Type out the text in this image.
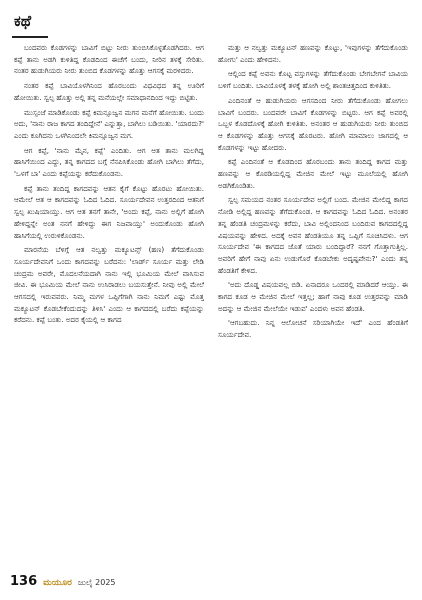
ಕಥೆ

ಬಂದವರು ಕೊಡಗಳನ್ನು ಬಾವಿಗೆ ಬಿಟ್ಟು ನೀರು ತುಂಬಿಸಿಕೊಳ್ಳತೊಡಗಿದರು. ಆಗ ಕಪ್ಪೆ ತಾನು ಅಡಗಿ ಕುಳಿತಿದ್ದ ಕೊಡದಿಂದ ಈಚೆಗೆ ಬಂದು, ನೀರಿನ ತಳಕ್ಕೆ ಸೇರಿತು. ನಂತರ ಹುಡುಗಿಯರು ನೀರು ತುಂಬಿದ ಕೊಡಗಳನ್ನು ಹೊತ್ತು ಆಗಸಕ್ಕೆ ಮರಳಿದರು.

ನಂತರ ಕಪ್ಪೆ ಬಾವಿಯೊಳಗಿನಿಂದ ಹೊರಬಂದು ವಿಧವಿಧದ ತನ್ನ ಊರಿಗೆ ಹೋಯಿತು. ಸ್ವಲ್ಪ ಹೊತ್ತು ಅಲ್ಲಿ ತನ್ನ ಮನೆಯಲ್ಲೇ ಸಮಾಧಾನದಿಂದ ಇದ್ದು ಬಿಟ್ಟಿತು.

ಮುಸ್ಸಂಜೆ ಮಾಡಿಕೊಂಡು ಕಪ್ಪೆ ಕಿಮನ್ಸೂಜ್ವನ ಮಗನ ಮನೆಗೆ ಹೋಯಿತು. ಬಂದು ಅದು, 'ನಾನು ರಾಜ ಕಾಗದ ತಂದಿದ್ದೇನೆ' ಎನ್ನುತ್ತಾ, ಬಾಗಿಲು ಬಡಿಯಿತು. 'ಯಾರದು?' ಎಂದು ಕೂಗಿದನು ಒಳಗಿನಿಂದಲೇ ಕಿಮನ್ಸೂಜ್ವನ ಮಗ.

ಆಗ ಕಪ್ಪೆ, 'ನಾನು ಮೈನ, ಕಪ್ಪೆ' ಎಂದಿತು. ಆಗ ಆತ ತಾನು ಮಲಗಿದ್ದ ಹಾಸಿಗೆಯಿಂದ ಎದ್ದು, ತನ್ನ ಕಾಗದದ ಬಗ್ಗೆ ನೆನಪಿಸಿಕೊಂಡು ಹೋಗಿ ಬಾಗಿಲು ತೆಗೆದು, 'ಒಳಗೆ ಬಾ' ಎಂದು ಕಪ್ಪೆಯನ್ನು ಕರೆದುಕೊಂಡನು.

ಕಪ್ಪೆ ತಾನು ತಂದಿದ್ದ ಕಾಗದವನ್ನು ಆತನ ಕೈಗೆ ಕೊಟ್ಟು ಹೊರಟು ಹೋಯಿತು. ಆಮೇಲೆ ಆತ ಆ ಕಾಗದವನ್ನು ಓದಿದ ಓದಿದ. ಸೂರ್ಯದೇವನ ಉತ್ತರದಿಂದ ಆತನಿಗೆ ಸ್ವಲ್ಪ ಖುಷಿಯಾಯ್ತು. ಆಗ ಆತ ತನಗೆ ತಾನೇ, 'ಅಂದು ಕಪ್ಪೆ, ನಾನು ಅಲ್ಲಿಗೆ ಹೋಗಿ ಹೇಳಿದ್ದನ್ನೇ ಅಂತ ನನಗೆ ಹೇಳಿದ್ದು ಈಗ ನಿಜವಾಯ್ತು' ಅಂದುಕೊಂಡು ಹೋಗಿ ಹಾಸಿಗೆಯಲ್ಲಿ ಉರುಳಿಕೊಂಡನು.

ಮಾರನೆಯ ಬೆಳಿಗ್ಗೆ ಆತ ನಲ್ವತ್ತು ಮಕ್ಯೂಟನ್ಸ್ (ಹಣ) ತೆಗೆದುಕೊಂಡು ಸೂರ್ಯದೇವನಿಗೆ ಒಂದು ಕಾಗದವನ್ನು ಬರೆದನು: 'ಲಾರ್ಡ್ ಸೂರ್ಯ ಮತ್ತು ಲೇಡಿ ಚಂದ್ರಮ ಅವರೇ, ಮೊದಲನೆಯದಾಗಿ ನಾನು ಇಲ್ಲಿ ಭೂಮಿಯ ಮೇಲೆ ವಾಸಿಸುವ ಜೀವಿ. ಈ ಭೂಮಿಯ ಮೇಲೆ ನಾನು ಉಸಿರಾಡಲು ಬಯಸುತ್ತೇನೆ. ನೀವು ಅಲ್ಲಿ ಮೇಲೆ ಆಗಸದಲ್ಲಿ ಇರುವವರು. ನಿಮ್ಮ ಮಗಳ ಒಪ್ಪಿಗೆಗಾಗಿ ನಾನು ನಿಮಗೆ ಎಷ್ಟು ಮೊತ್ತ ಮಕ್ಯೂಟನ್ ಕೊಡಬೇಕೆಂದುದನ್ನು ತಿಳಿಸಿ' ಎಂದು ಆ ಕಾಗದದಲ್ಲಿ ಬರೆದು ಕಪ್ಪೆಯನ್ನು ಕರೆದನು. ಕಪ್ಪೆ ಬಂತು. ಅದರ ಕೈಯಲ್ಲಿ ಆ ಕಾಗದ

ಮತ್ತು ಆ ನಲ್ವತ್ತು ಮಕ್ಯೂಟನ್ ಹಣವನ್ನು ಕೊಟ್ಟು, 'ಇವುಗಳನ್ನು ತೆಗೆದುಕೊಂಡು ಹೋಗು' ಎಂದು ಹೇಳಿದನು.

ಆಲ್ಲಿಂದ ಕಪ್ಪೆ ಅವನು ಕೊಟ್ಟ ವಸ್ತುಗಳನ್ನು ತೆಗೆದುಕೊಂಡು ಬೇಗಬೇಗನೆ ಬಾವಿಯ ಬಳಿಗೆ ಬಂದಿತು. ಬಾವಿಯೊಳಕ್ಕೆ ತಳಕ್ಕೆ ಹೋಗಿ ಅಲ್ಲಿ ಶಾಂತಚಿತ್ತದಿಂದ ಕುಳಿತಿತು.

ಎಂದಿನಂತೆ ಆ ಹುಡುಗಿಯರು ಆಗಸದಿಂದ ನೀರು ತೆಗೆದುಕೊಂಡು ಹೋಗಲು ಬಾವಿಗೆ ಬಂದರು. ಬಂದವರೇ ಬಾವಿಗೆ ಕೊಡಗಳನ್ನು ಬಿಟ್ಟರು. ಆಗ ಕಪ್ಪೆ ಅವರಲ್ಲಿ ಒಬ್ಬಳ ಕೊಡದೊಳಕ್ಕೆ ಹೋಗಿ ಕುಳಿತಿತು. ಅನಂತರ ಆ ಹುಡುಗಿಯರು ನೀರು ತುಂಬಿದ ಆ ಕೊಡಗಳನ್ನು ಹೊತ್ತು ಆಗಸಕ್ಕೆ ಹೊರಟರು. ಹೋಗಿ ಮಾಮಾಲು ಜಾಗದಲ್ಲಿ ಆ ಕೊಡಗಳನ್ನು ಇಟ್ಟು ಹೋದರು.

ಕಪ್ಪೆ ಎಂದಿನಂತೆ ಆ ಕೊಡದಿಂದ ಹೊರಬಂದು ತಾನು ತಂದಿದ್ದ ಕಾಗದ ಮತ್ತು ಹಣವನ್ನು ಆ ಕೊಠಡಿಯಲ್ಲಿದ್ದ ಮೇಜಿನ ಮೇಲೆ ಇಟ್ಟು ಮೂಲೆಯಲ್ಲಿ ಹೋಗಿ ಅಡಗಿಕೊಂಡಿತು.

ಸ್ವಲ್ಪ ಸಮಯದ ನಂತರ ಸೂರ್ಯದೇವ ಅಲ್ಲಿಗೆ ಬಂದ. ಮೇಜಿನ ಮೇಲಿದ್ದ ಕಾಗದ ನೋಡಿ ಅಲ್ಲಿದ್ದ ಹಣವನ್ನು ತೆಗೆದುಕೊಂಡ. ಆ ಕಾಗದವನ್ನು ಓದಿದ ಓದಿದ. ಅನಂತರ ತನ್ನ ಹೆಂಡತಿ ಚಂದ್ರಮಳನ್ನು ಕರೆದು, ಬಾವಿ ಅಲ್ಲಿಂದನಿಂದ ಬಂದಿರುವ ಕಾಗದದಲ್ಲಿದ್ದ ವಿಷಯವನ್ನು ಹೇಳಿದ. ಅದಕ್ಕೆ ಅವನ ಹೆಂಡತಿಯೂ ತನ್ನ ಒಪ್ಪಿಗೆ ಸೂಚಿಸಿದಳು. ಆಗ ಸೂರ್ಯದೇವ 'ಈ ಕಾಗದದ ಜೊತೆ ಯಾರು ಬಂದಿದ್ದಾರೆ? ನನಗೆ ಗೊತ್ತಾಗುತ್ತಿಲ್ಲ. ಅವರಿಗೆ ಹೇಗೆ ನಾವು ಏನು ಉಡುಗೊರೆ ಕೊಡಬೇಕು ಅದೃಷ್ಟವೇನು?' ಎಂದು ತನ್ನ ಹೆಂಡತಿಗೆ ಕೇಳಿದ.

'ಅದು ದೊಡ್ಡ ವಿಷಯವಲ್ಲ ಬಿಡಿ. ಏನಾದರೂ ಒಂದರಲ್ಲಿ ಮಾಡಿದರೆ ಆಯ್ತು. ಈ ಕಾಗದ ಕೂಡ ಆ ಮೇಜಿನ ಮೇಲೆ ಇತ್ತಲ್ಲ; ಹಾಗೆ ನಾವು ಕೂಡ ಉತ್ತರವನ್ನು ಮಾಡಿ ಅದನ್ನು ಆ ಮೇಜಿನ ಮೇಲೆಯೇ ಇಡುವ' ಎಂದಳು ಅವನ ಹೆಂಡತಿ.

'ಆಗಬಹುದು. ನಿನ್ನ ಆಲೋಚನೆ ಸರಿಯಾಗಿಯೇ ಇದೆ' ಎಂದ ಹೆಂಡತಿಗೆ ಸೂರ್ಯದೇವ.

136 ಮಯೂರ ಜುಲೈ 2025
